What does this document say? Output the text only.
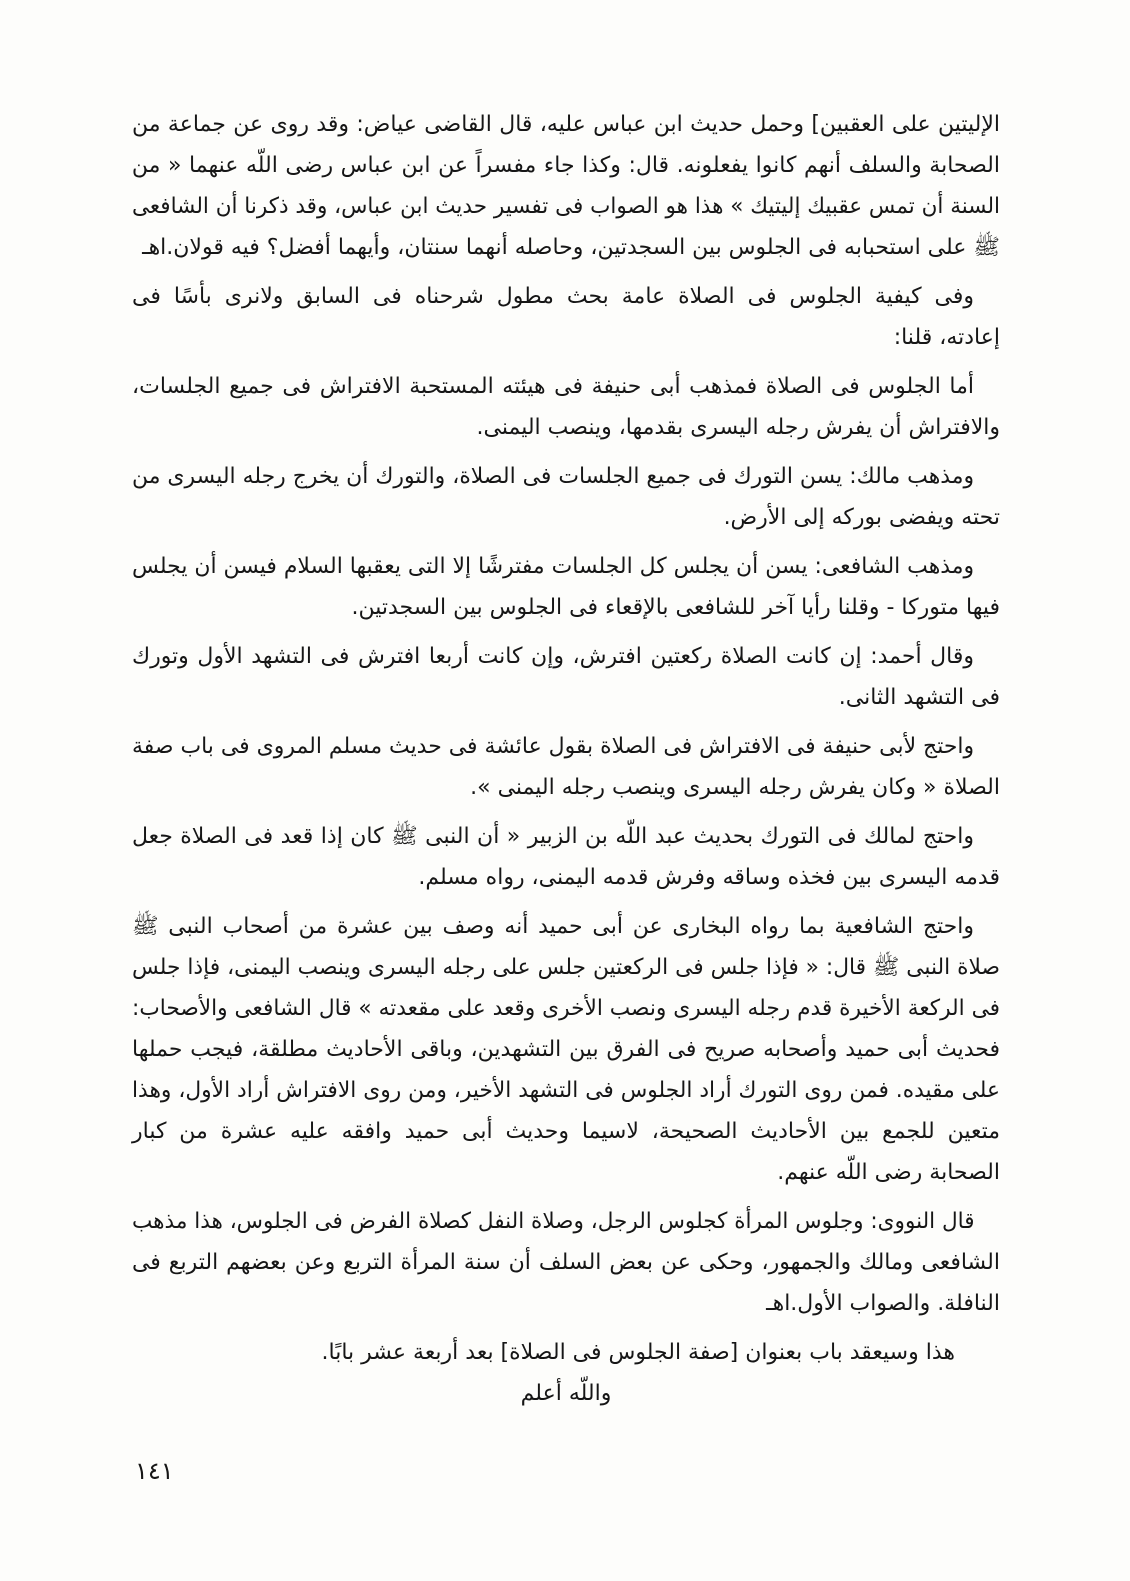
الإليتين على العقبين] وحمل حديث ابن عباس عليه، قال القاضى عياض: وقد روى عن جماعة من
الصحابة والسلف أنهم كانوا يفعلونه. قال: وكذا جاء مفسراً عن ابن عباس رضى اللّه عنهما « من
السنة أن تمس عقبيك إليتيك » هذا هو الصواب فى تفسير حديث ابن عباس، وقد ذكرنا أن الشافعى
ﷺ على استحبابه فى الجلوس بين السجدتين، وحاصله أنهما سنتان، وأيهما أفضل؟ فيه قولان.اهـ
وفى كيفية الجلوس فى الصلاة عامة بحث مطول شرحناه فى السابق ولانرى بأسًا فى
إعادته، قلنا:
أما الجلوس فى الصلاة فمذهب أبى حنيفة فى هيئته المستحبة الافتراش فى جميع الجلسات،
والافتراش أن يفرش رجله اليسرى بقدمها، وينصب اليمنى.
ومذهب مالك: يسن التورك فى جميع الجلسات فى الصلاة، والتورك أن يخرج رجله اليسرى من
تحته ويفضى بوركه إلى الأرض.
ومذهب الشافعى: يسن أن يجلس كل الجلسات مفترشًا إلا التى يعقبها السلام فيسن أن يجلس
فيها متوركا - وقلنا رأيا آخر للشافعى بالإقعاء فى الجلوس بين السجدتين.
وقال أحمد: إن كانت الصلاة ركعتين افترش، وإن كانت أربعا افترش فى التشهد الأول وتورك
فى التشهد الثانى.
واحتج لأبى حنيفة فى الافتراش فى الصلاة بقول عائشة فى حديث مسلم المروى فى باب صفة
الصلاة « وكان يفرش رجله اليسرى وينصب رجله اليمنى ».
واحتج لمالك فى التورك بحديث عبد اللّه بن الزبير « أن النبى ﷺ كان إذا قعد فى الصلاة جعل
قدمه اليسرى بين فخذه وساقه وفرش قدمه اليمنى، رواه مسلم.
واحتج الشافعية بما رواه البخارى عن أبى حميد أنه وصف بين عشرة من أصحاب النبى ﷺ
صلاة النبى ﷺ قال: « فإذا جلس فى الركعتين جلس على رجله اليسرى وينصب اليمنى، فإذا جلس
فى الركعة الأخيرة قدم رجله اليسرى ونصب الأخرى وقعد على مقعدته » قال الشافعى والأصحاب:
فحديث أبى حميد وأصحابه صريح فى الفرق بين التشهدين، وباقى الأحاديث مطلقة، فيجب حملها
على مقيده. فمن روى التورك أراد الجلوس فى التشهد الأخير، ومن روى الافتراش أراد الأول، وهذا
متعين للجمع بين الأحاديث الصحيحة، لاسيما وحديث أبى حميد وافقه عليه عشرة من كبار
الصحابة رضى اللّه عنهم.
قال النووى: وجلوس المرأة كجلوس الرجل، وصلاة النفل كصلاة الفرض فى الجلوس، هذا مذهب
الشافعى ومالك والجمهور، وحكى عن بعض السلف أن سنة المرأة التربع وعن بعضهم التربع فى
النافلة. والصواب الأول.اهـ
هذا وسيعقد باب بعنوان [صفة الجلوس فى الصلاة] بعد أربعة عشر بابًا.
واللّه أعلم
١٤١
